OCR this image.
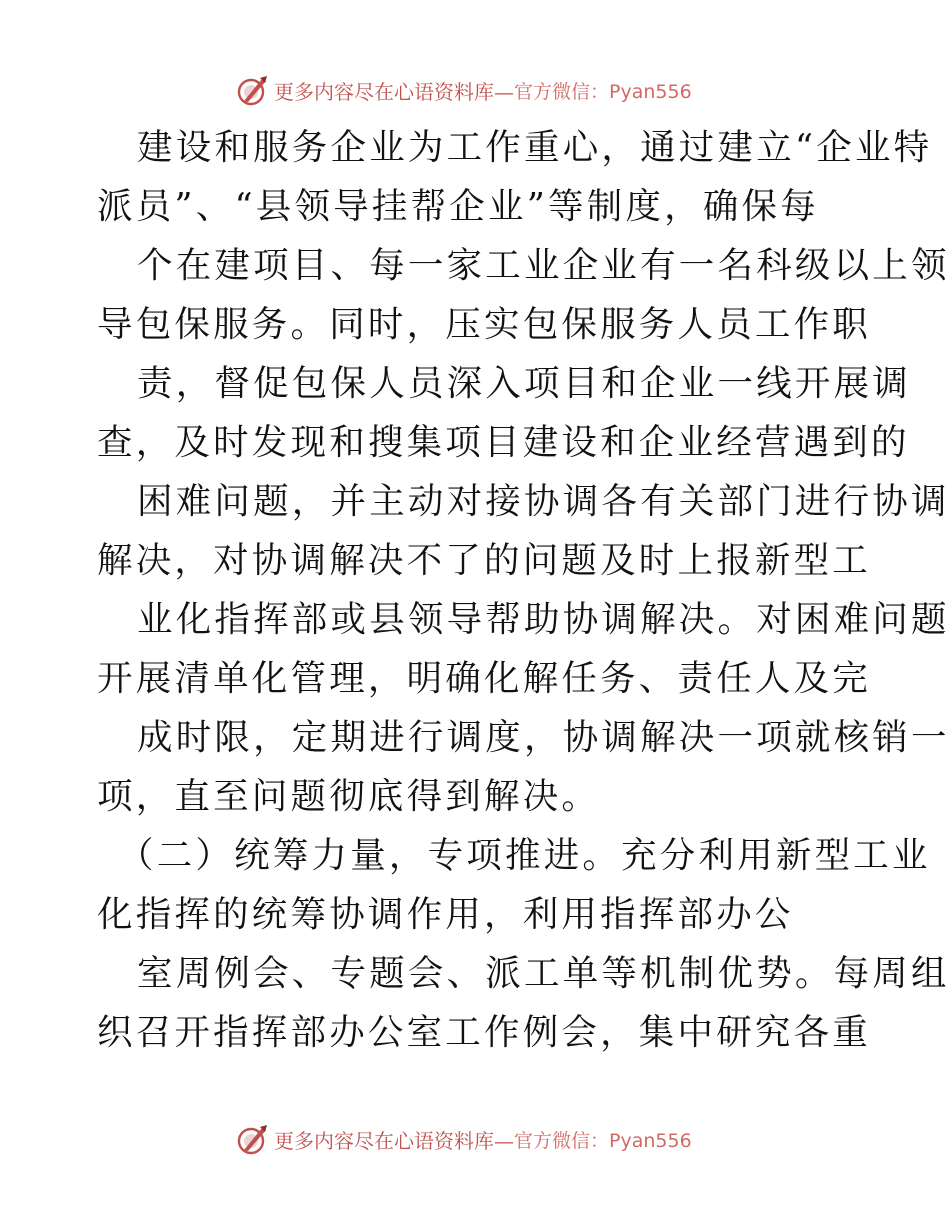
更多内容尽在心语资料库— 官方微信：Pyan556
建设和服务企业为工作重心，通过建立“企业特
派员”、“县领导挂帮企业”等制度，确保每
个在建项目、每一家工业企业有一名科级以上领
导包保服务。同时，压实包保服务人员工作职
责，督促包保人员深入项目和企业一线开展调
查，及时发现和搜集项目建设和企业经营遇到的
困难问题，并主动对接协调各有关部门进行协调
解决，对协调解决不了的问题及时上报新型工
业化指挥部或县领导帮助协调解决。对困难问题
开展清单化管理，明确化解任务、责任人及完
成时限，定期进行调度，协调解决一项就核销一
项，直至问题彻底得到解决。
（二）统筹力量，专项推进。充分利用新型工业
化指挥的统筹协调作用，利用指挥部办公
室周例会、专题会、派工单等机制优势。每周组
织召开指挥部办公室工作例会，集中研究各重
更多内容尽在心语资料库— 官方微信：Pyan556
